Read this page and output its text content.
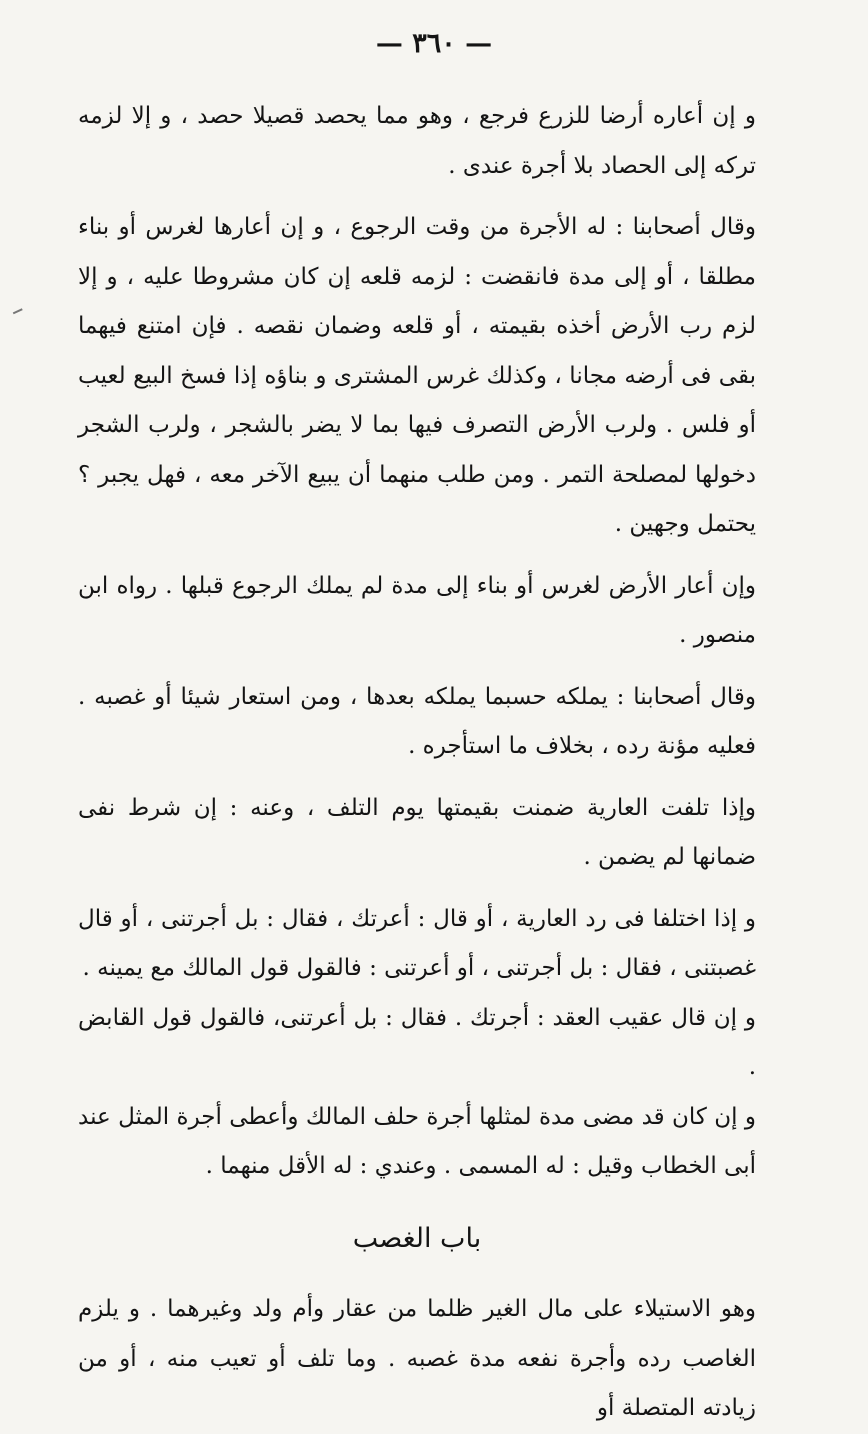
— ٣٦٠ —

و إن أعاره أرضا للزرع فرجع ، وهو مما يحصد قصيلا حصد ، و إلا لزمه تركه إلى الحصاد بلا أجرة عندى .

وقال أصحابنا : له الأجرة من وقت الرجوع ، و إن أعارها لغرس أو بناء مطلقا ، أو إلى مدة فانقضت : لزمه قلعه إن كان مشروطا عليه ، و إلا لزم رب الأرض أخذه بقيمته ، أو قلعه وضمان نقصه . فإن امتنع فيهما بقى فى أرضه مجانا ، وكذلك غرس المشترى و بناؤه إذا فسخ البيع لعيب أو فلس . ولرب الأرض التصرف فيها بما لا يضر بالشجر ، ولرب الشجر دخولها لمصلحة التمر . ومن طلب منهما أن يبيع الآخر معه ، فهل يجبر ؟ يحتمل وجهين .

وإن أعار الأرض لغرس أو بناء إلى مدة لم يملك الرجوع قبلها . رواه ابن منصور .

وقال أصحابنا : يملكه حسبما يملكه بعدها ، ومن استعار شيئا أو غصبه . فعليه مؤنة رده ، بخلاف ما استأجره .

وإذا تلفت العارية ضمنت بقيمتها يوم التلف ، وعنه : إن شرط نفى ضمانها لم يضمن .

و إذا اختلفا فى رد العارية ، أو قال : أعرتك ، فقال : بل أجرتنى ، أو قال غصبتنى ، فقال : بل أجرتنى ، أو أعرتنى : فالقول قول المالك مع يمينه .

و إن قال عقيب العقد : أجرتك . فقال : بل أعرتنى، فالقول قول القابض .

و إن كان قد مضى مدة لمثلها أجرة حلف المالك وأعطى أجرة المثل عند أبى الخطاب وقيل : له المسمى . وعندي : له الأقل منهما .

باب الغصب

وهو الاستيلاء على مال الغير ظلما من عقار وأم ولد وغيرهما . و يلزم الغاصب رده وأجرة نفعه مدة غصبه . وما تلف أو تعيب منه ، أو من زيادته المتصلة أو
